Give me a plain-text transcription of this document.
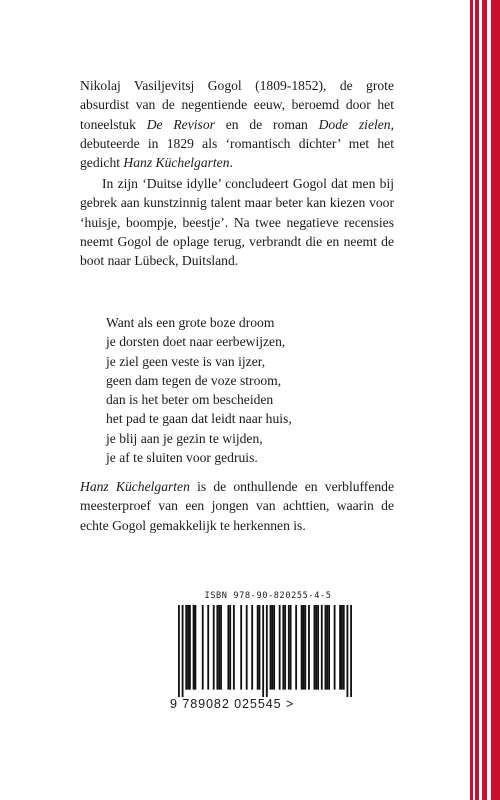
Nikolaj Vasiljevitsj Gogol (1809-1852), de grote absurdist van de negentiende eeuw, beroemd door het toneelstuk De Revisor en de roman Dode zielen, debuteerde in 1829 als ‘romantisch dichter’ met het gedicht Hanz Küchelgarten.

In zijn ‘Duitse idylle’ concludeert Gogol dat men bij gebrek aan kunstzinnig talent maar beter kan kiezen voor ‘huisje, boompje, beestje’. Na twee negatieve recensies neemt Gogol de oplage terug, verbrandt die en neemt de boot naar Lübeck, Duitsland.

Want als een grote boze droom
je dorsten doet naar eerbewijzen,
je ziel geen veste is van ijzer,
geen dam tegen de voze stroom,
dan is het beter om bescheiden
het pad te gaan dat leidt naar huis,
je blij aan je gezin te wijden,
je af te sluiten voor gedruis.

Hanz Küchelgarten is de onthullende en verbluffende meesterproef van een jongen van achttien, waarin de echte Gogol gemakkelijk te herkennen is.

ISBN 978-90-820255-4-5
9 789082 025545 >
